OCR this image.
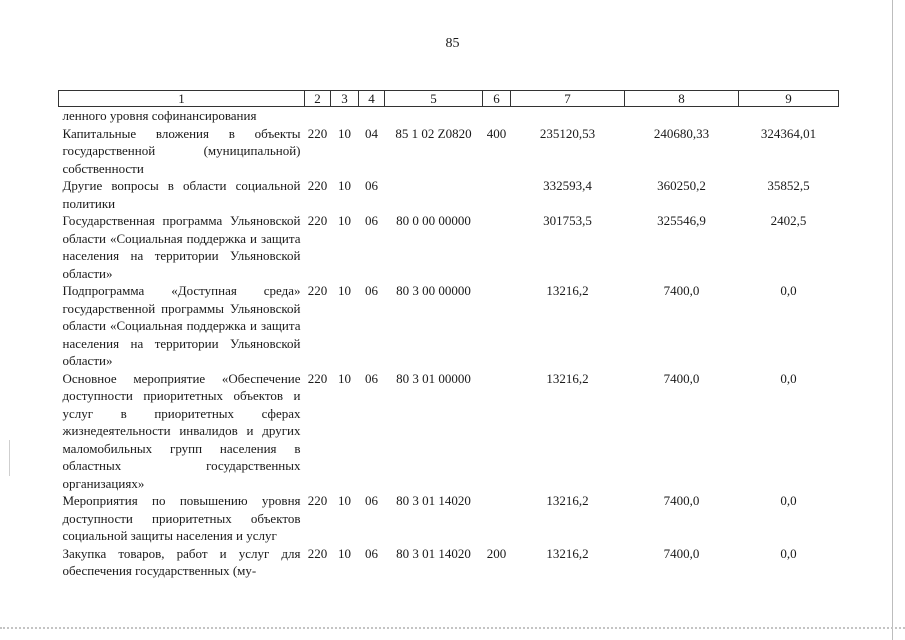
85
1	2	3	4	5	6	7	8	9
ленного уровня софинансирования								
Капитальные вложения в объекты государственной (муниципальной) собственности	220	10	04	85 1 02 Z0820	400	235120,53	240680,33	324364,01
Другие вопросы в области социальной политики	220	10	06			332593,4	360250,2	35852,5
Государственная программа Ульяновской области «Социальная поддержка и защита населения на территории Ульяновской области»	220	10	06	80 0 00 00000		301753,5	325546,9	2402,5
Подпрограмма «Доступная среда» государственной программы Ульяновской области «Социальная поддержка и защита населения на территории Ульяновской области»	220	10	06	80 3 00 00000		13216,2	7400,0	0,0
Основное мероприятие «Обеспечение доступности приоритетных объектов и услуг в приоритетных сферах жизнедеятельности инвалидов и других маломобильных групп населения в областных государственных организациях»	220	10	06	80 3 01 00000		13216,2	7400,0	0,0
Мероприятия по повышению уровня доступности приоритетных объектов социальной защиты населения и услуг	220	10	06	80 3 01 14020		13216,2	7400,0	0,0
Закупка товаров, работ и услуг для обеспечения государственных (му-	220	10	06	80 3 01 14020	200	13216,2	7400,0	0,0
